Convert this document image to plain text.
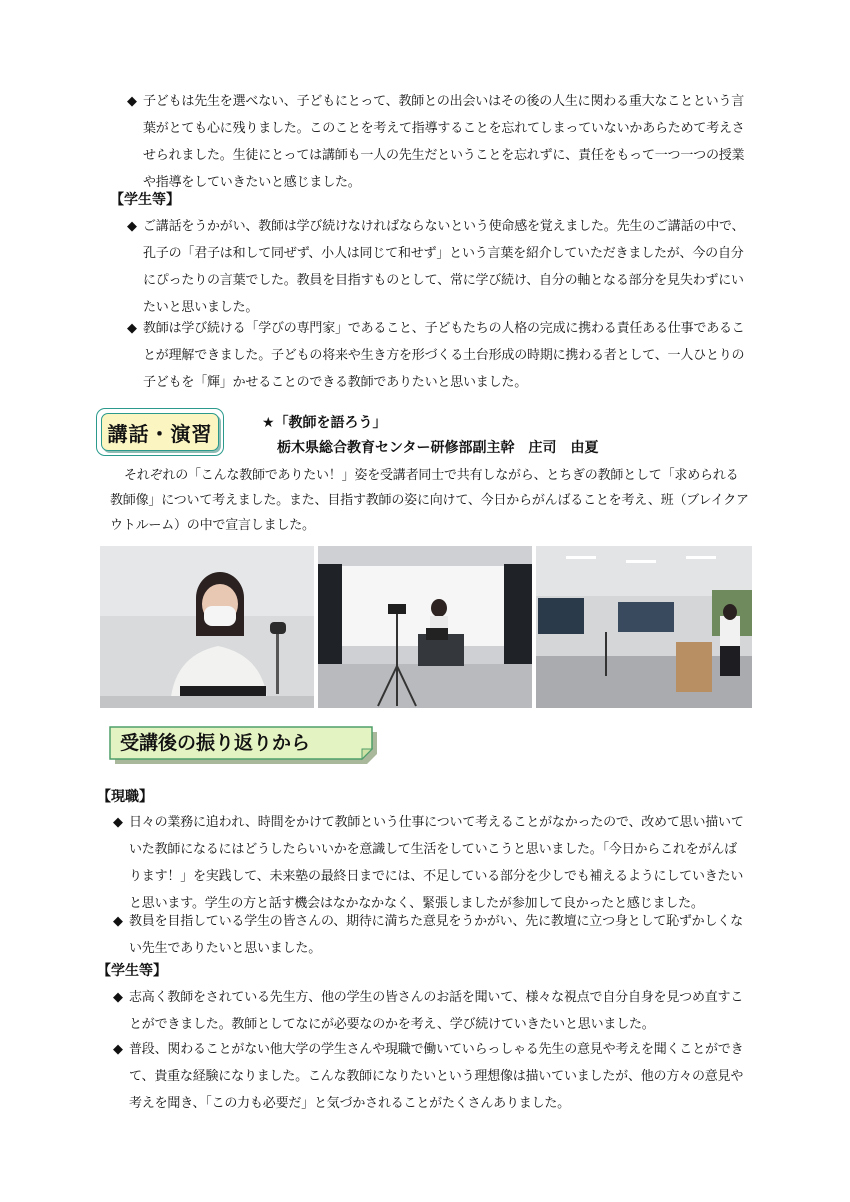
◆ 子どもは先生を選べない、子どもにとって、教師との出会いはその後の人生に関わる重大なことという言葉がとても心に残りました。このことを考えて指導することを忘れてしまっていないかあらためて考えさせられました。生徒にとっては講師も一人の先生だということを忘れずに、責任をもって一つ一つの授業や指導をしていきたいと感じました。
【学生等】
◆ ご講話をうかがい、教師は学び続けなければならないという使命感を覚えました。先生のご講話の中で、孔子の「君子は和して同ぜず、小人は同じて和せず」という言葉を紹介していただきましたが、今の自分にぴったりの言葉でした。教員を目指すものとして、常に学び続け、自分の軸となる部分を見失わずにいたいと思いました。
◆ 教師は学び続ける「学びの専門家」であること、子どもたちの人格の完成に携わる責任ある仕事であることが理解できました。子どもの将来や生き方を形づくる土台形成の時期に携わる者として、一人ひとりの子どもを「輝」かせることのできる教師でありたいと思いました。
講話・演習	★「教師を語ろう」
栃木県総合教育センター研修部副主幹　庄司　由夏
それぞれの「こんな教師でありたい！」姿を受講者同士で共有しながら、とちぎの教師として「求められる教師像」について考えました。また、目指す教師の姿に向けて、今日からがんばることを考え、班（ブレイクアウトルーム）の中で宣言しました。
受講後の振り返りから
【現職】
◆ 日々の業務に追われ、時間をかけて教師という仕事について考えることがなかったので、改めて思い描いていた教師になるにはどうしたらいいかを意識して生活をしていこうと思いました。「今日からこれをがんばります！」を実践して、未来塾の最終日までには、不足している部分を少しでも補えるようにしていきたいと思います。学生の方と話す機会はなかなかなく、緊張しましたが参加して良かったと感じました。
◆ 教員を目指している学生の皆さんの、期待に満ちた意見をうかがい、先に教壇に立つ身として恥ずかしくない先生でありたいと思いました。
【学生等】
◆ 志高く教師をされている先生方、他の学生の皆さんのお話を聞いて、様々な視点で自分自身を見つめ直すことができました。教師としてなにが必要なのかを考え、学び続けていきたいと思いました。
◆ 普段、関わることがない他大学の学生さんや現職で働いていらっしゃる先生の意見や考えを聞くことができて、貴重な経験になりました。こんな教師になりたいという理想像は描いていましたが、他の方々の意見や考えを聞き、「この力も必要だ」と気づかされることがたくさんありました。
